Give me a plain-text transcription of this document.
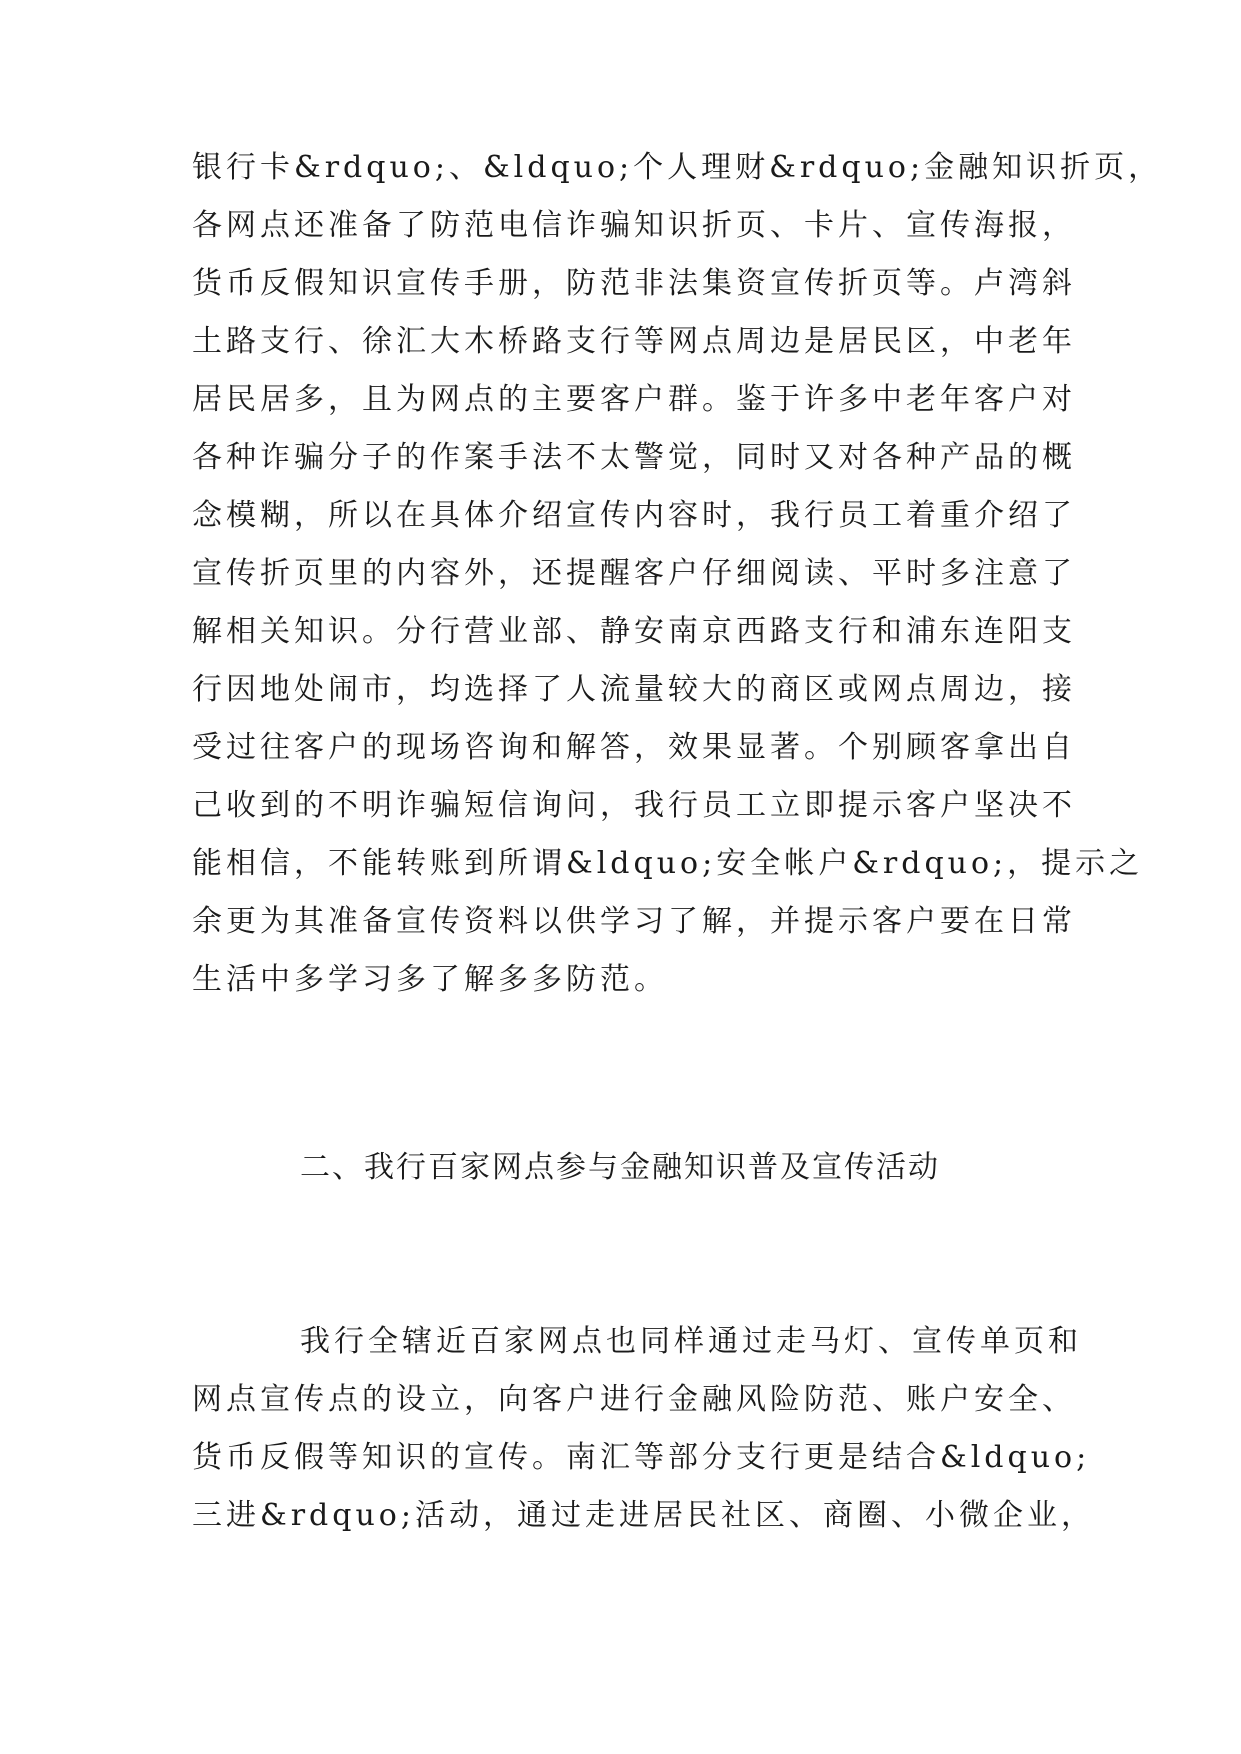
银行卡&rdquo;、&ldquo;个人理财&rdquo;金融知识折页，
各网点还准备了防范电信诈骗知识折页、卡片、宣传海报，
货币反假知识宣传手册，防范非法集资宣传折页等。卢湾斜
土路支行、徐汇大木桥路支行等网点周边是居民区，中老年
居民居多，且为网点的主要客户群。鉴于许多中老年客户对
各种诈骗分子的作案手法不太警觉，同时又对各种产品的概
念模糊，所以在具体介绍宣传内容时，我行员工着重介绍了
宣传折页里的内容外，还提醒客户仔细阅读、平时多注意了
解相关知识。分行营业部、静安南京西路支行和浦东连阳支
行因地处闹市，均选择了人流量较大的商区或网点周边，接
受过往客户的现场咨询和解答，效果显著。个别顾客拿出自
己收到的不明诈骗短信询问，我行员工立即提示客户坚决不
能相信，不能转账到所谓&ldquo;安全帐户&rdquo;，提示之
余更为其准备宣传资料以供学习了解，并提示客户要在日常
生活中多学习多了解多多防范。
二、我行百家网点参与金融知识普及宣传活动
我行全辖近百家网点也同样通过走马灯、宣传单页和
网点宣传点的设立，向客户进行金融风险防范、账户安全、
货币反假等知识的宣传。南汇等部分支行更是结合&ldquo;
三进&rdquo;活动，通过走进居民社区、商圈、小微企业，
